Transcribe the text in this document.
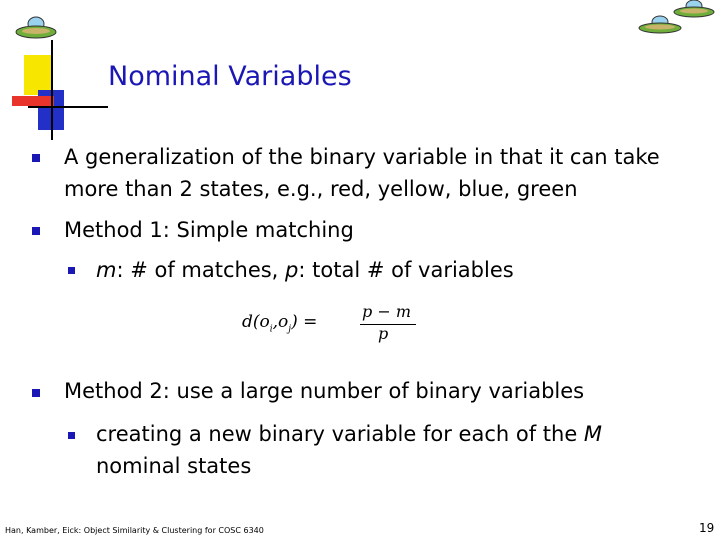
Nominal Variables
A generalization of the binary variable in that it can take
more than 2 states, e.g., red, yellow, blue, green
Method 1: Simple matching
m: # of matches, p: total # of variables
$d(o_i,o_j)$ =
p − m
p
Method 2: use a large number of binary variables
creating a new binary variable for each of the M
nominal states
Han, Kamber, Eick: Object Similarity & Clustering for COSC 6340	19
